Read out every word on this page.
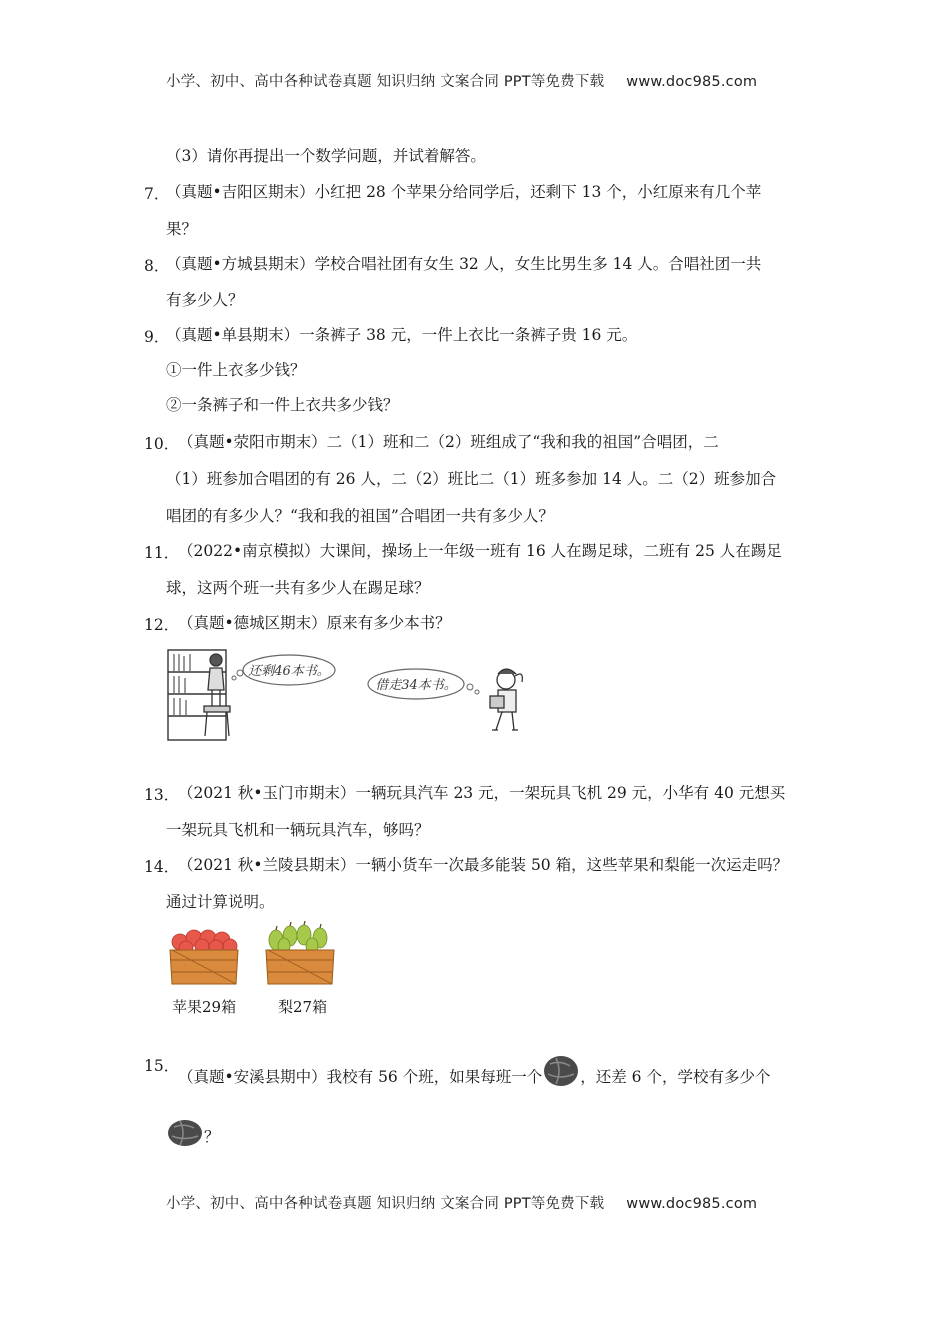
小学、初中、高中各种试卷真题 知识归纳 文案合同 PPT等免费下载 www.doc985.com
（3）请你再提出一个数学问题，并试着解答。
7．
（真题•吉阳区期末）小红把 28 个苹果分给同学后，还剩下 13 个，小红原来有几个苹
果？
8．
（真题•方城县期末）学校合唱社团有女生 32 人，女生比男生多 14 人。合唱社团一共
有多少人？
9．
（真题•单县期末）一条裤子 38 元，一件上衣比一条裤子贵 16 元。
①一件上衣多少钱？
②一条裤子和一件上衣共多少钱？
10．
（真题•荥阳市期末）二（1）班和二（2）班组成了“我和我的祖国”合唱团，二
（1）班参加合唱团的有 26 人，二（2）班比二（1）班多参加 14 人。二（2）班参加合
唱团的有多少人？“我和我的祖国”合唱团一共有多少人？
11．
（2022•南京模拟）大课间，操场上一年级一班有 16 人在踢足球，二班有 25 人在踢足
球，这两个班一共有多少人在踢足球？
12．
（真题•德城区期末）原来有多少本书？
还剩46本书。
借走34本书。
13．
（2021 秋•玉门市期末）一辆玩具汽车 23 元，一架玩具飞机 29 元，小华有 40 元想买
一架玩具飞机和一辆玩具汽车，够吗？
14．
（2021 秋•兰陵县期末）一辆小货车一次最多能装 50 箱，这些苹果和梨能一次运走吗？
通过计算说明。
苹果29箱	梨27箱
15．
（真题•安溪县期中）我校有 56 个班，如果每班一个 ，还差 6 个，学校有多少个
？
小学、初中、高中各种试卷真题 知识归纳 文案合同 PPT等免费下载 www.doc985.com
